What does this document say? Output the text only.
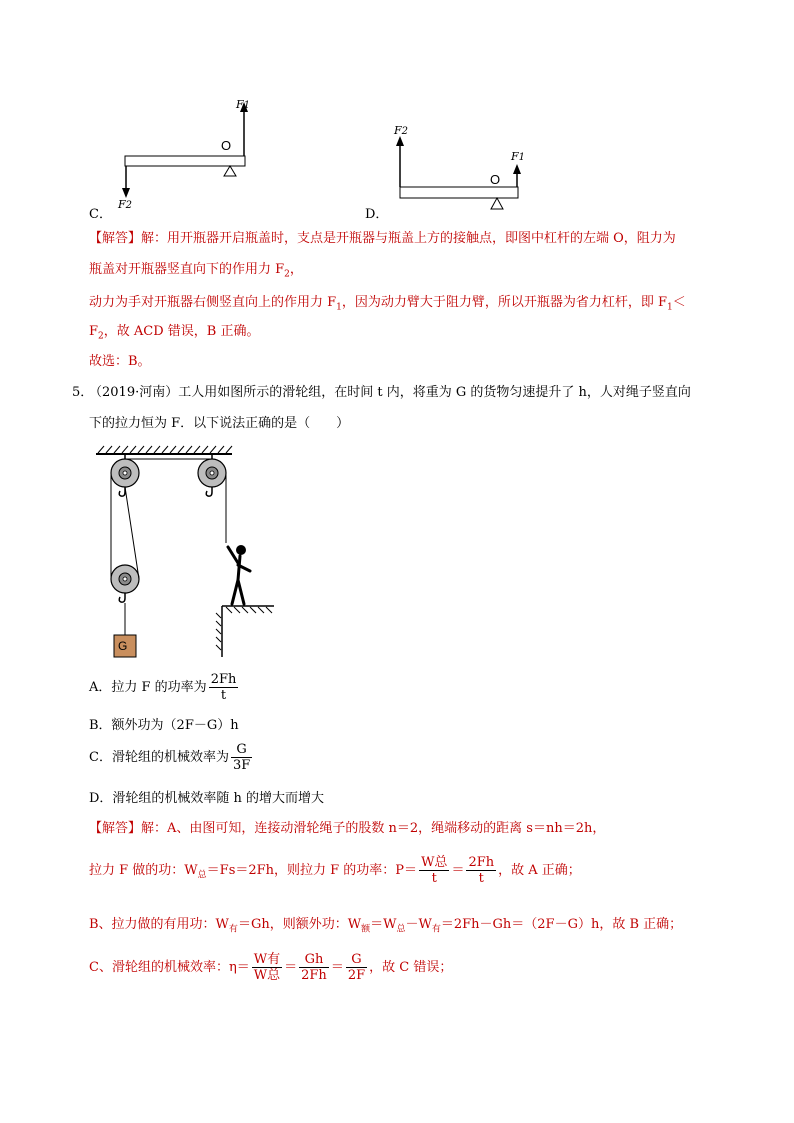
O
F1
F2
C．
O
F2
F1
D．
【解答】解：用开瓶器开启瓶盖时，支点是开瓶器与瓶盖上方的接触点，即图中杠杆的左端 O，阻力为
瓶盖对开瓶器竖直向下的作用力 $F_2$，
动力为手对开瓶器右侧竖直向上的作用力 $F_1$，因为动力臂大于阻力臂，所以开瓶器为省力杠杆，即 $F_1<$
$F_2$，故 ACD 错误，B 正确。
故选：B。
5．
（2019·河南）工人用如图所示的滑轮组，在时间 t 内，将重为 G 的货物匀速提升了 h，人对绳子竖直向
下的拉力恒为 F．以下说法正确的是（　　）
G
A．拉力 F 的功率为 $\frac{2Fh}{t}$
B．额外功为（2F－G）h
C．滑轮组的机械效率为 $\frac{G}{3F}$
D．滑轮组的机械效率随 h 的增大而增大
【解答】解：A、由图可知，连接动滑轮绳子的股数 n＝2，绳端移动的距离 s＝nh＝2h，
拉力 F 做的功：$W_总=Fs=2Fh$，则拉力 F 的功率：$P= \frac{\text{W总}}{t} = \frac{2Fh}{t}$ ，故 A 正确；
B、拉力做的有用功：$W_有=Gh$，则额外功：$W_额=W_总-W_有=2Fh-Gh=(2F-G)h$，故 B 正确；
C、滑轮组的机械效率：$\eta= \frac{\text{W有}}{\text{W总}} = \frac{Gh}{2Fh} = \frac{G}{2F}$ ，故 C 错误；
